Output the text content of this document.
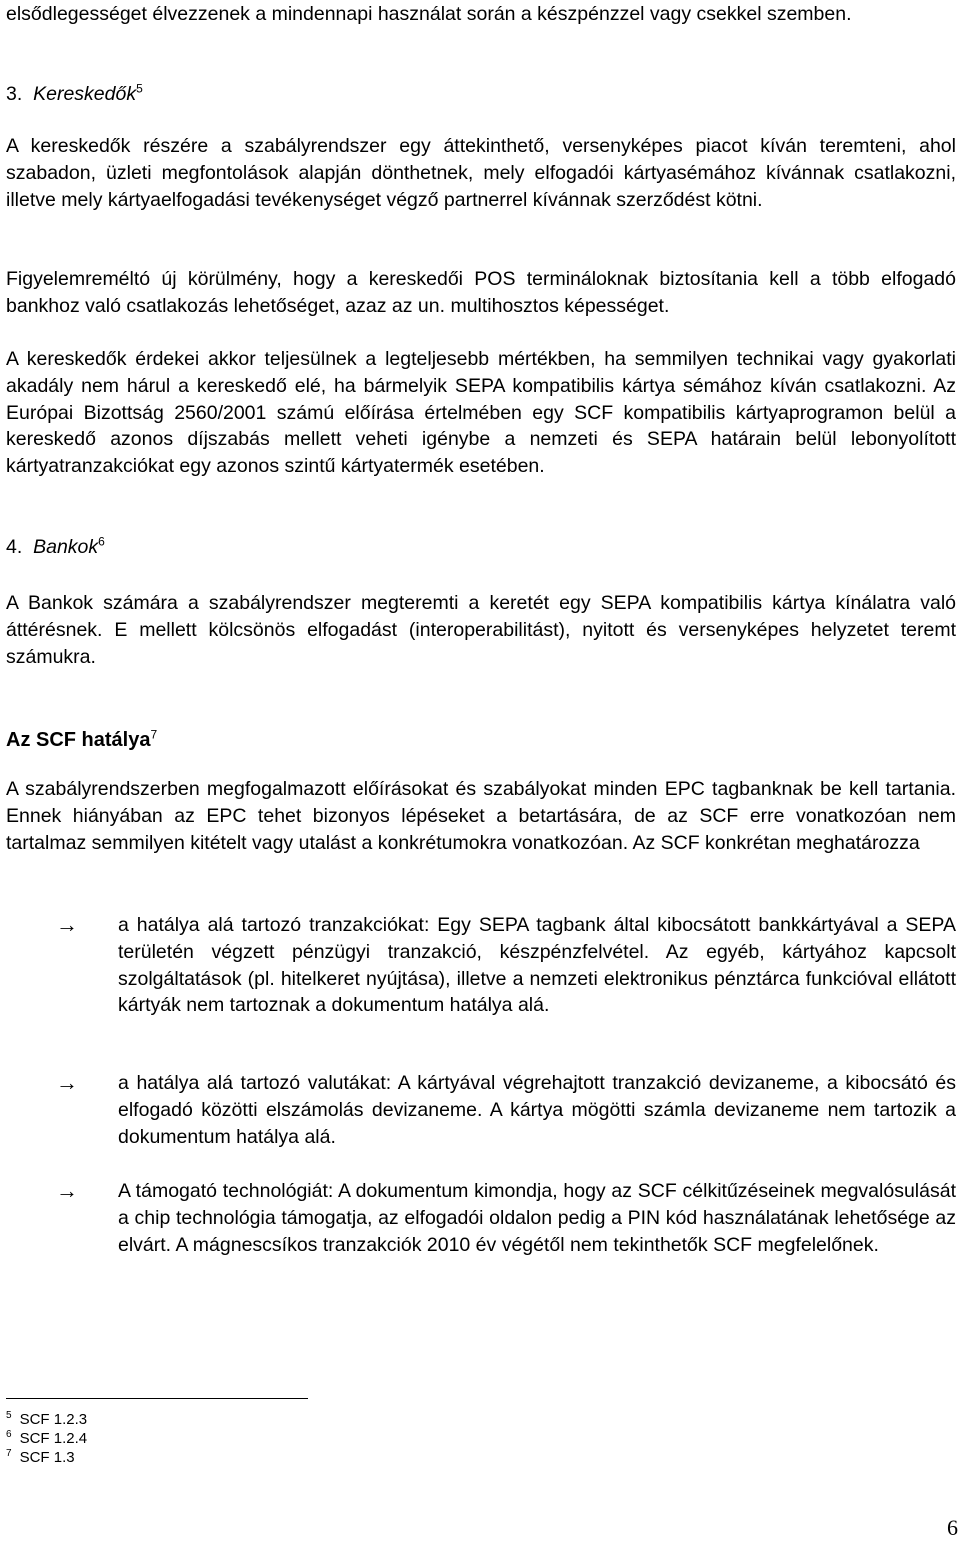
elsődlegességet élvezzenek a mindennapi használat során a készpénzzel vagy csekkel szemben.

3. Kereskedők$^5$

A kereskedők részére a szabályrendszer egy áttekinthető, versenyképes piacot kíván teremteni, ahol szabadon, üzleti megfontolások alapján dönthetnek, mely elfogadói kártyasémához kívánnak csatlakozni, illetve mely kártyaelfogadási tevékenységet végző partnerrel kívánnak szerződést kötni.

Figyelemreméltó új körülmény, hogy a kereskedői POS termináloknak biztosítania kell a több elfogadó bankhoz való csatlakozás lehetőséget, azaz az un. multihosztos képességet.

A kereskedők érdekei akkor teljesülnek a legteljesebb mértékben, ha semmilyen technikai vagy gyakorlati akadály nem hárul a kereskedő elé, ha bármelyik SEPA kompatibilis kártya sémához kíván csatlakozni. Az Európai Bizottság 2560/2001 számú előírása értelmében egy SCF kompatibilis kártyaprogramon belül a kereskedő azonos díjszabás mellett veheti igénybe a nemzeti és SEPA határain belül lebonyolított kártyatranzakciókat egy azonos szintű kártyatermék esetében.

4. Bankok$^6$

A Bankok számára a szabályrendszer megteremti a keretét egy SEPA kompatibilis kártya kínálatra való áttérésnek. E mellett kölcsönös elfogadást (interoperabilitást), nyitott és versenyképes helyzetet teremt számukra.

Az SCF hatálya$^7$

A szabályrendszerben megfogalmazott előírásokat és szabályokat minden EPC tagbanknak be kell tartania. Ennek hiányában az EPC tehet bizonyos lépéseket a betartására, de az SCF erre vonatkozóan nem tartalmaz semmilyen kitételt vagy utalást a konkrétumokra vonatkozóan. Az SCF konkrétan meghatározza

→ a hatálya alá tartozó tranzakciókat: Egy SEPA tagbank által kibocsátott bankkártyával a SEPA területén végzett pénzügyi tranzakció, készpénzfelvétel. Az egyéb, kártyához kapcsolt szolgáltatások (pl. hitelkeret nyújtása), illetve a nemzeti elektronikus pénztárca funkcióval ellátott kártyák nem tartoznak a dokumentum hatálya alá.
→ a hatálya alá tartozó valutákat: A kártyával végrehajtott tranzakció devizaneme, a kibocsátó és elfogadó közötti elszámolás devizaneme. A kártya mögötti számla devizaneme nem tartozik a dokumentum hatálya alá.
→ A támogató technológiát: A dokumentum kimondja, hogy az SCF célkitűzéseinek megvalósulását a chip technológia támogatja, az elfogadói oldalon pedig a PIN kód használatának lehetősége az elvárt. A mágnescsíkos tranzakciók 2010 év végétől nem tekinthetők SCF megfelelőnek.
$^5$ SCF 1.2.3
$^6$ SCF 1.2.4
$^7$ SCF 1.3
6
